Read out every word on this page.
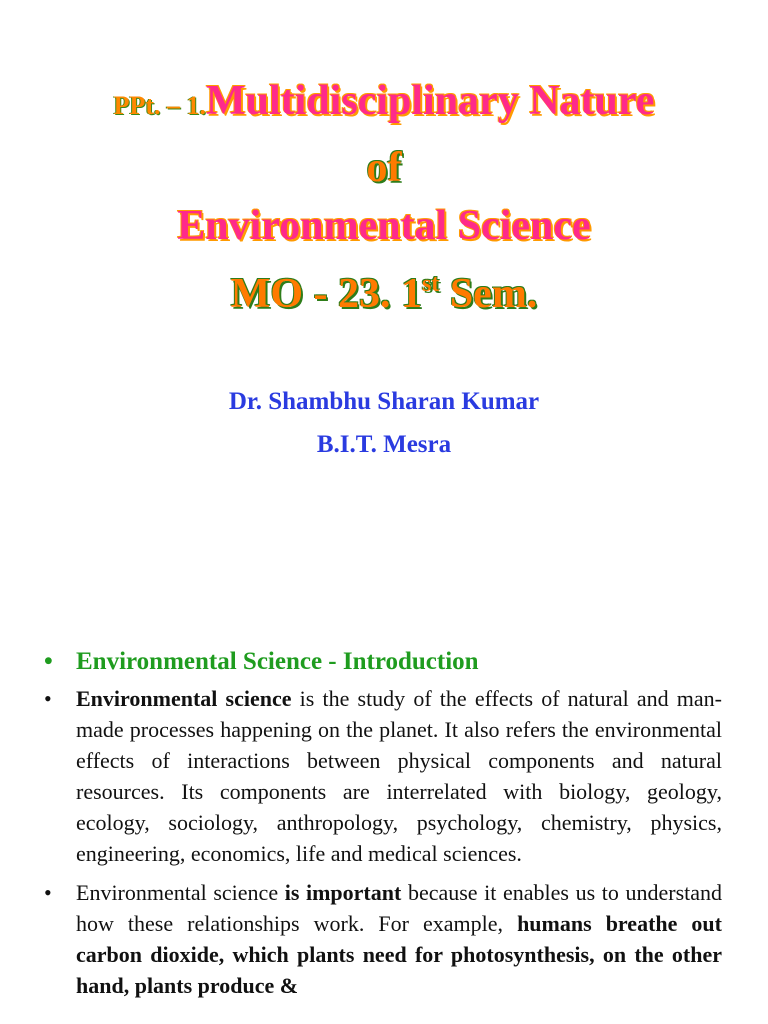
PPt. – 1.Multidisciplinary Nature
of
Environmental Science
MO - 23. 1st Sem.
Dr. Shambhu Sharan Kumar
B.I.T. Mesra
• Environmental Science - Introduction
• Environmental science is the study of the effects of natural and man-made processes happening on the planet. It also refers the environmental effects of interactions between physical components and natural resources. Its components are interrelated with biology, geology, ecology, sociology, anthropology, psychology, chemistry, physics, engineering, economics, life and medical sciences.
• Environmental science is important because it enables us to understand how these relationships work. For example, humans breathe out carbon dioxide, which plants need for photosynthesis, on the other hand, plants produce &
